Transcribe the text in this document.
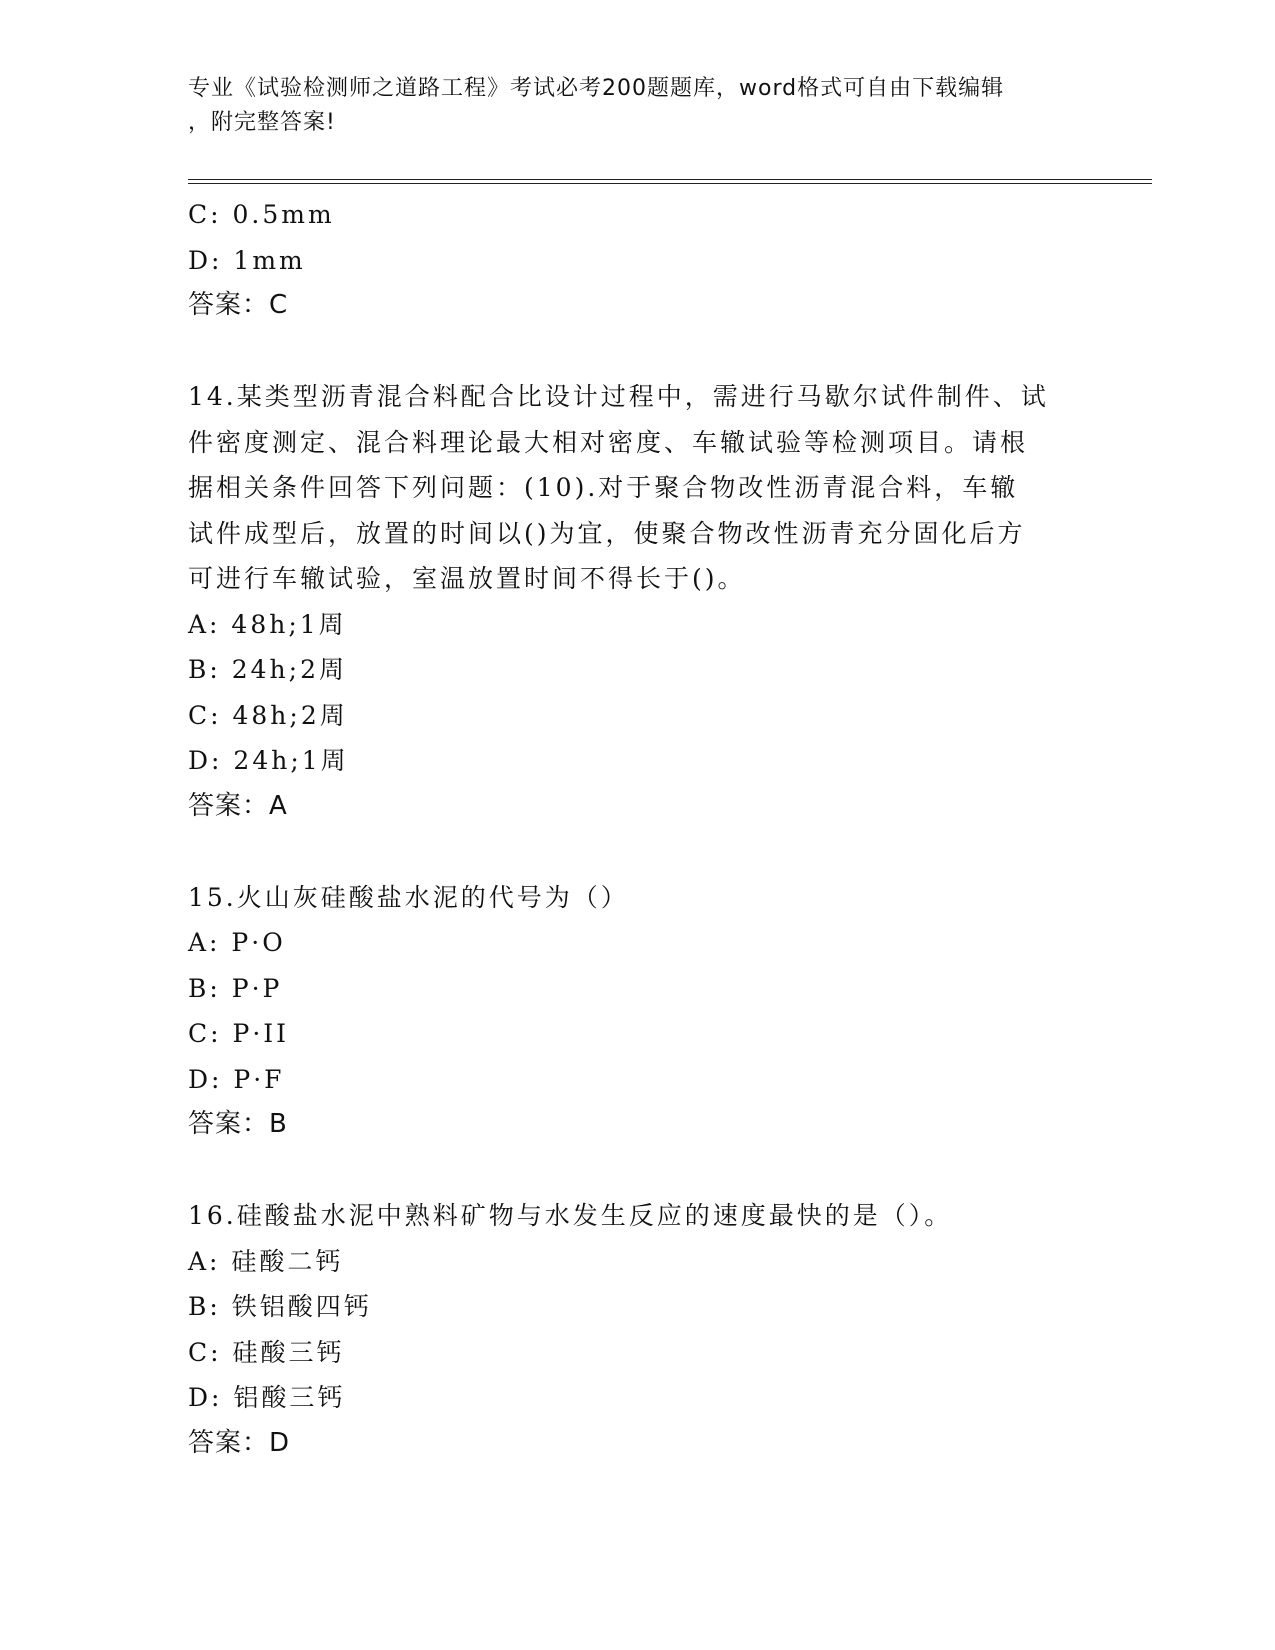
专业《试验检测师之道路工程》考试必考200题题库，word格式可自由下载编辑
，附完整答案!
C: 0.5mm
D: 1mm
答案：C
14.某类型沥青混合料配合比设计过程中，需进行马歇尔试件制件、试
件密度测定、混合料理论最大相对密度、车辙试验等检测项目。请根
据相关条件回答下列问题：(10).对于聚合物改性沥青混合料，车辙
试件成型后，放置的时间以()为宜，使聚合物改性沥青充分固化后方
可进行车辙试验，室温放置时间不得长于()。
A: 48h;1周
B: 24h;2周
C: 48h;2周
D: 24h;1周
答案：A
15.火山灰硅酸盐水泥的代号为（）
A: P·O
B: P·P
C: P·II
D: P·F
答案：B
16.硅酸盐水泥中熟料矿物与水发生反应的速度最快的是（）。
A: 硅酸二钙
B: 铁铝酸四钙
C: 硅酸三钙
D: 铝酸三钙
答案：D
